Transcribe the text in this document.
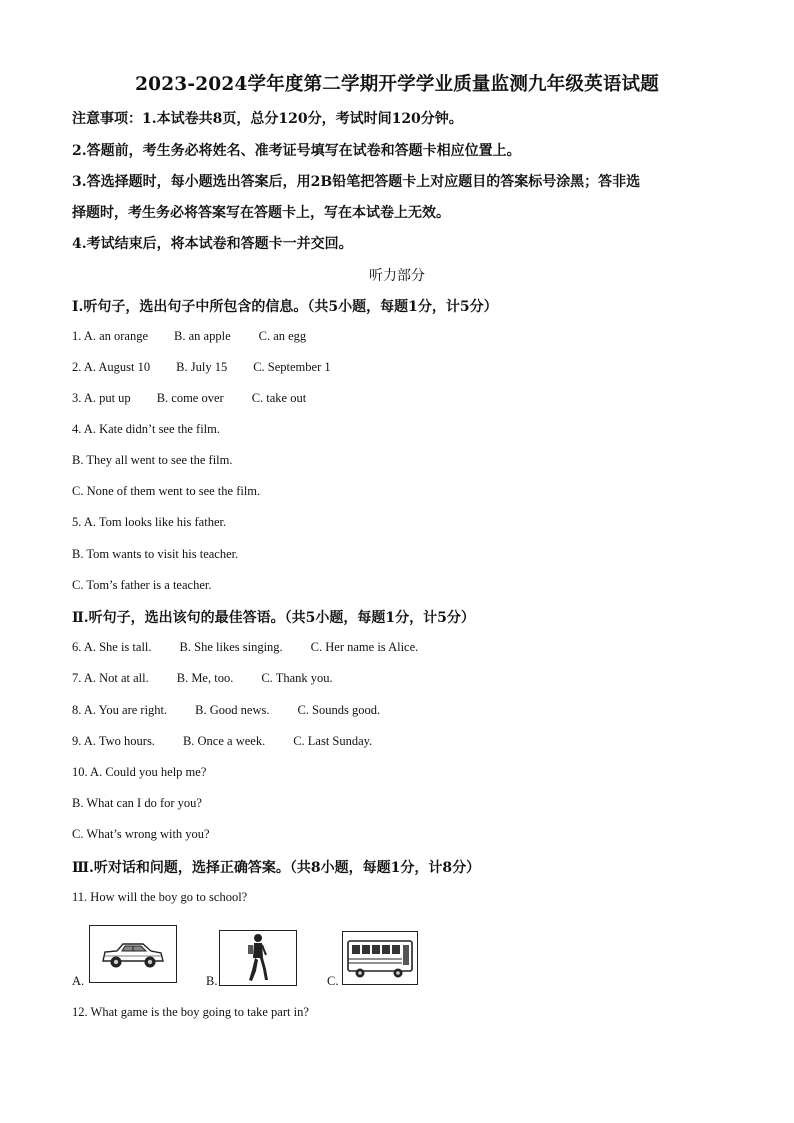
2023-2024学年度第二学期开学学业质量监测九年级英语试题
注意事项：1.本试卷共8页，总分120分，考试时间120分钟。
2.答题前，考生务必将姓名、准考证号填写在试卷和答题卡相应位置上。
3.答选择题时，每小题选出答案后，用2B铅笔把答题卡上对应题目的答案标号涂黑；答非选
择题时，考生务必将答案写在答题卡上，写在本试卷上无效。
4.考试结束后，将本试卷和答题卡一并交回。
听力部分
Ⅰ.听句子，选出句子中所包含的信息。（共5小题，每题1分，计5分）
1. A. an orange B. an apple C. an egg
2. A. August 10 B. July 15 C. September 1
3. A. put up B. come over C. take out
4. A. Kate didn’t see the film.
B. They all went to see the film.
C. None of them went to see the film.
5. A. Tom looks like his father.
B. Tom wants to visit his teacher.
C. Tom’s father is a teacher.
Ⅱ.听句子，选出该句的最佳答语。（共5小题，每题1分，计5分）
6. A. She is tall. B. She likes singing. C. Her name is Alice.
7. A. Not at all. B. Me, too. C. Thank you.
8. A. You are right. B. Good news. C. Sounds good.
9. A. Two hours. B. Once a week. C. Last Sunday.
10. A. Could you help me?
B. What can I do for you?
C. What’s wrong with you?
Ⅲ.听对话和问题，选择正确答案。（共8小题，每题1分，计8分）
11. How will the boy go to school?
A.	B.	C.
12. What game is the boy going to take part in?
